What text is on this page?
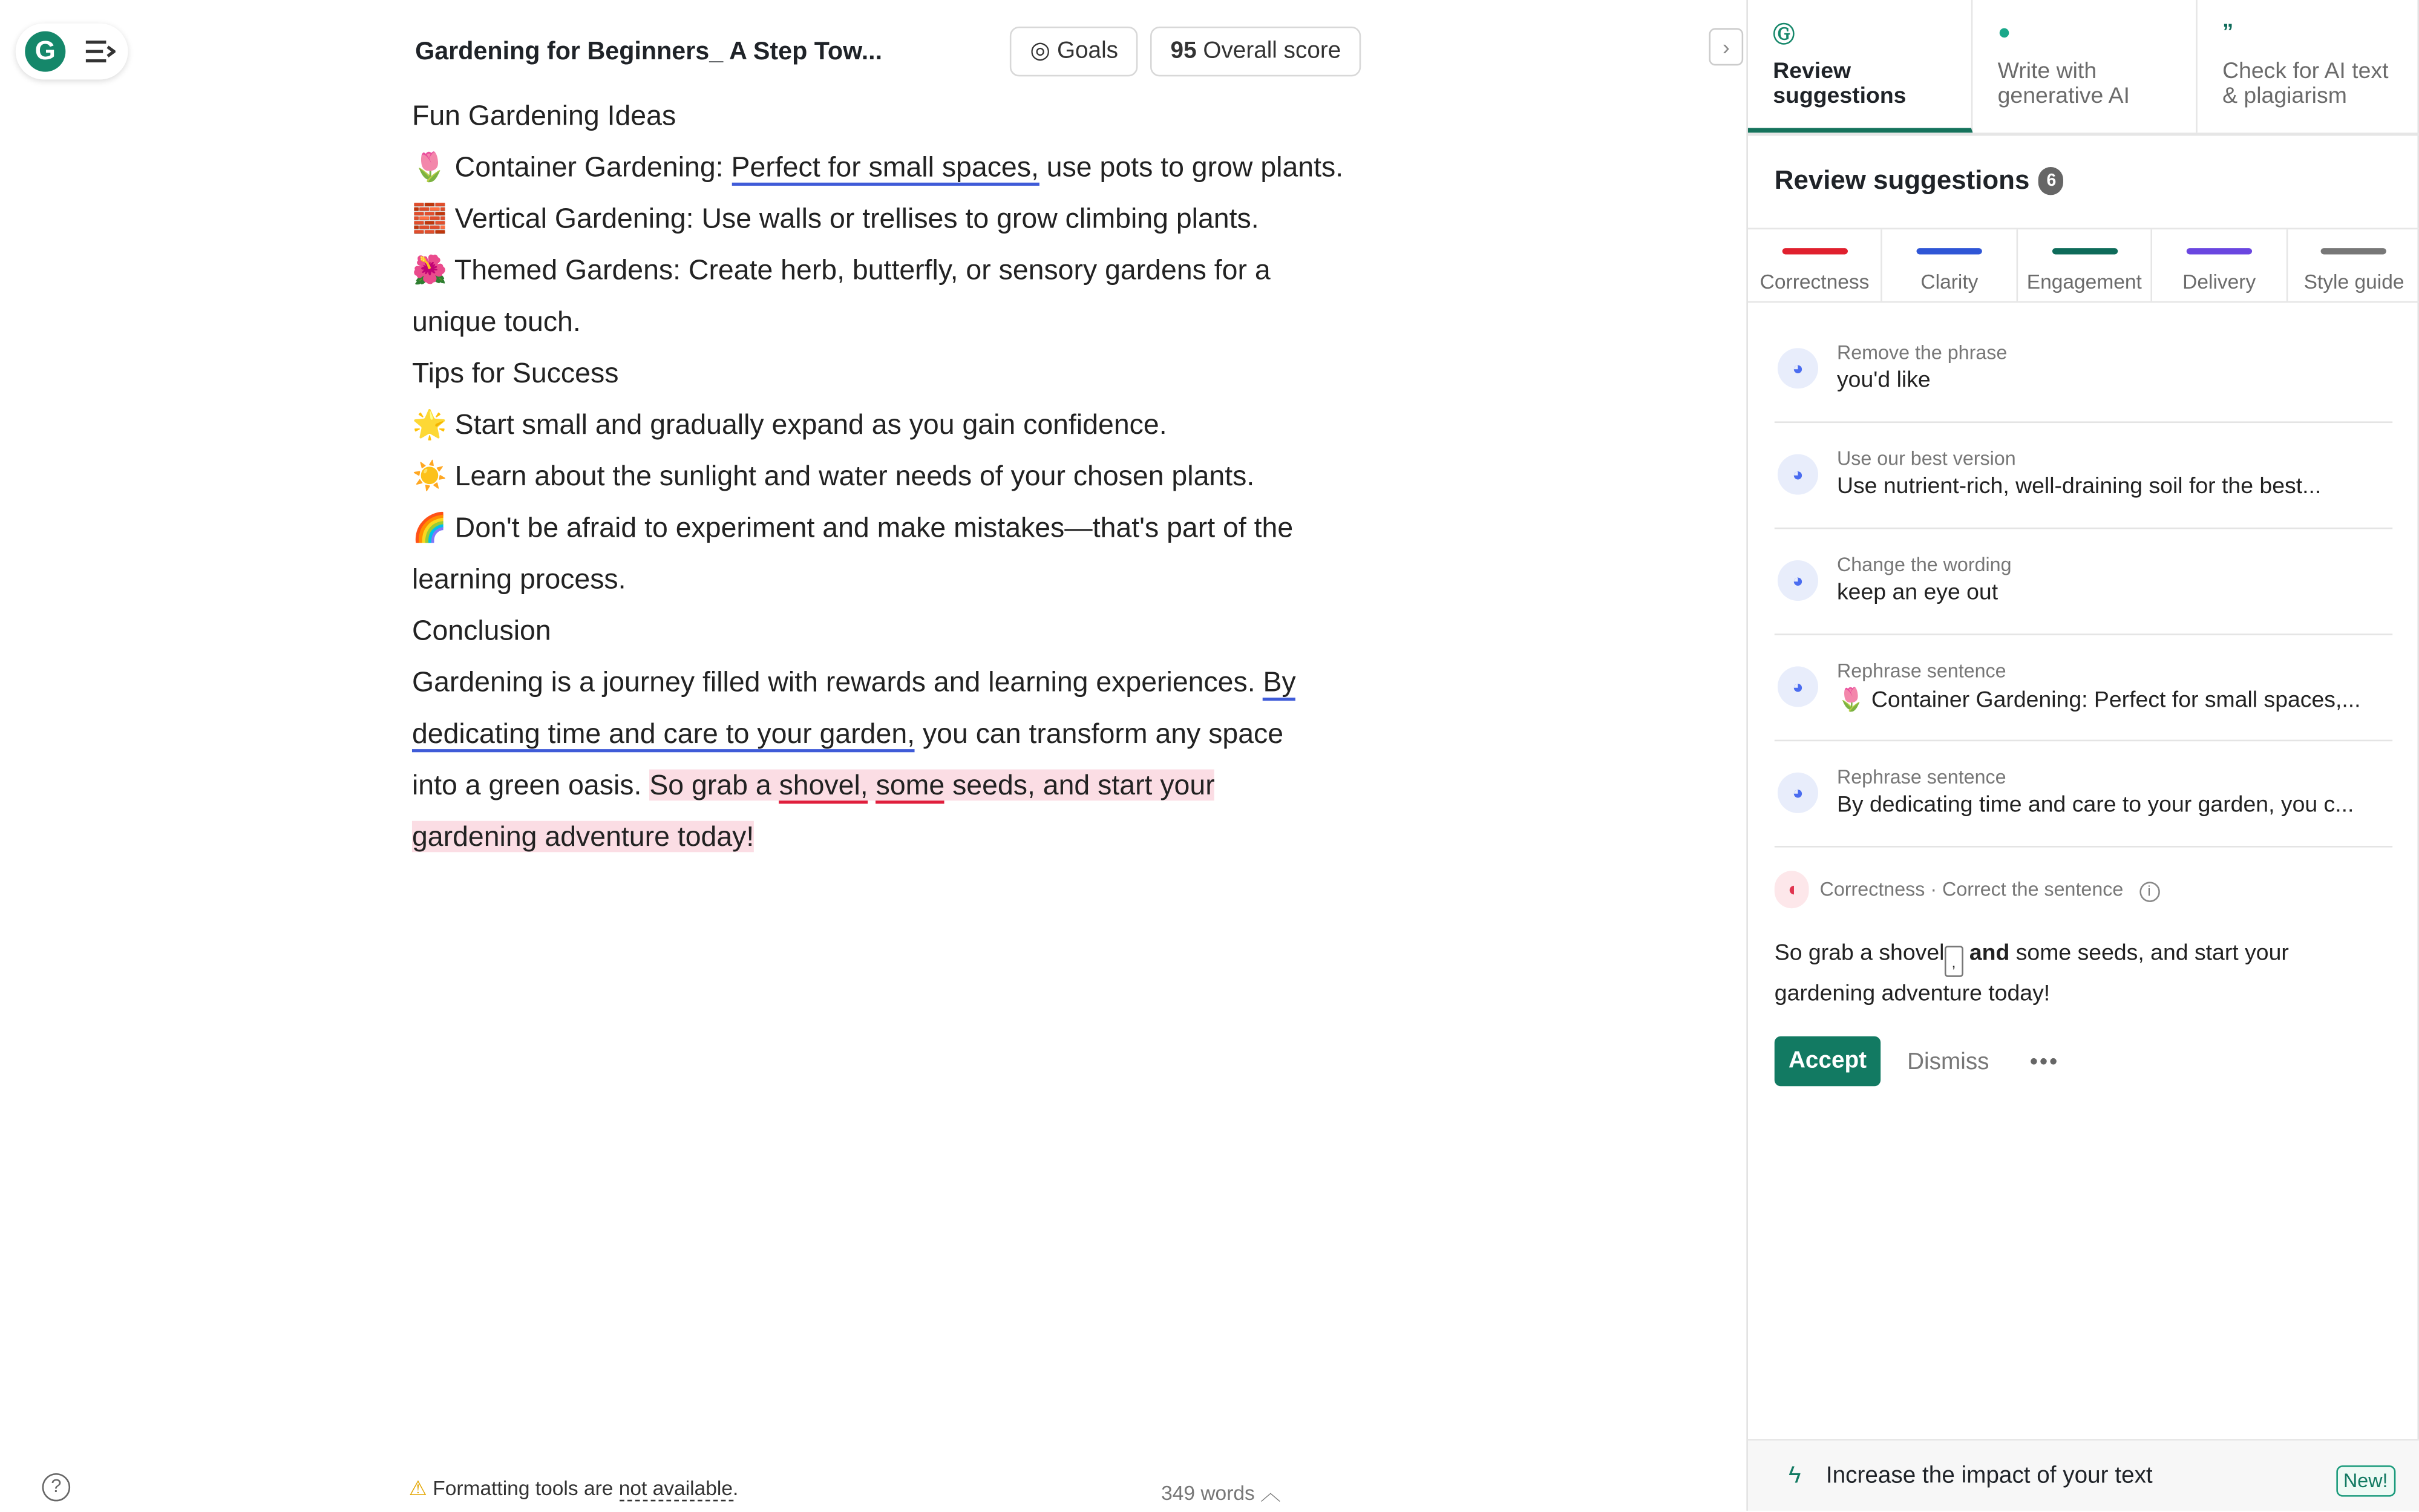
G	Gardening for Beginners_ A Step Tow...	◎ Goals	95 Overall score	›
Fun Gardening Ideas
🌷 Container Gardening: Perfect for small spaces, use pots to grow plants.
🧱 Vertical Gardening: Use walls or trellises to grow climbing plants.
🌺 Themed Gardens: Create herb, butterfly, or sensory gardens for a
unique touch.
Tips for Success
🌟 Start small and gradually expand as you gain confidence.
☀️ Learn about the sunlight and water needs of your chosen plants.
🌈 Don't be afraid to experiment and make mistakes—that's part of the
learning process.
Conclusion
Gardening is a journey filled with rewards and learning experiences. By
dedicating time and care to your garden, you can transform any space
into a green oasis. So grab a shovel, some seeds, and start your
gardening adventure today!
?	⚠ Formatting tools are not available.	349 words ︿
Ⓖ
Review suggestions
●
Write with generative AI
”
Check for AI text & plagiarism
Review suggestions	6
Correctness	Clarity	Engagement	Delivery	Style guide
◕
Remove the phrase
you'd like
◕
Use our best version
Use nutrient-rich, well-draining soil for the best...
◕
Change the wording
keep an eye out
◕
Rephrase sentence
🌷 Container Gardening: Perfect for small spaces,...
◕
Rephrase sentence
By dedicating time and care to your garden, you c...
◖	Correctness · Correct the sentence	i
So grab a shovel , and some seeds, and start your gardening adventure today!
Accept	Dismiss	•••
ϟ	Increase the impact of your text	New!
